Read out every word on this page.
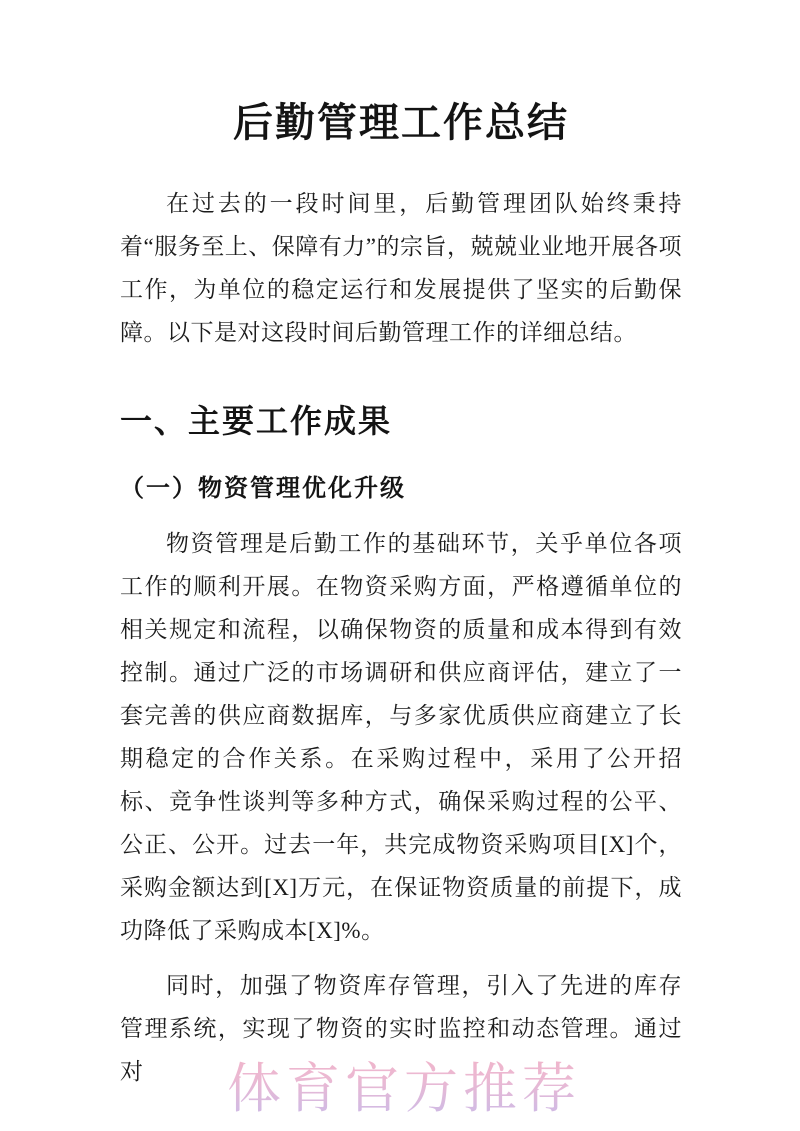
后勤管理工作总结

在过去的一段时间里，后勤管理团队始终秉持着“服务至上、保障有力”的宗旨，兢兢业业地开展各项工作，为单位的稳定运行和发展提供了坚实的后勤保障。以下是对这段时间后勤管理工作的详细总结。

一、主要工作成果
（一）物资管理优化升级

物资管理是后勤工作的基础环节，关乎单位各项工作的顺利开展。在物资采购方面，严格遵循单位的相关规定和流程，以确保物资的质量和成本得到有效控制。通过广泛的市场调研和供应商评估，建立了一套完善的供应商数据库，与多家优质供应商建立了长期稳定的合作关系。在采购过程中，采用了公开招标、竞争性谈判等多种方式，确保采购过程的公平、公正、公开。过去一年，共完成物资采购项目[X]个，采购金额达到[X]万元，在保证物资质量的前提下，成功降低了采购成本[X]%。

同时，加强了物资库存管理，引入了先进的库存管理系统，实现了物资的实时监控和动态管理。通过对	体育官方推荐
